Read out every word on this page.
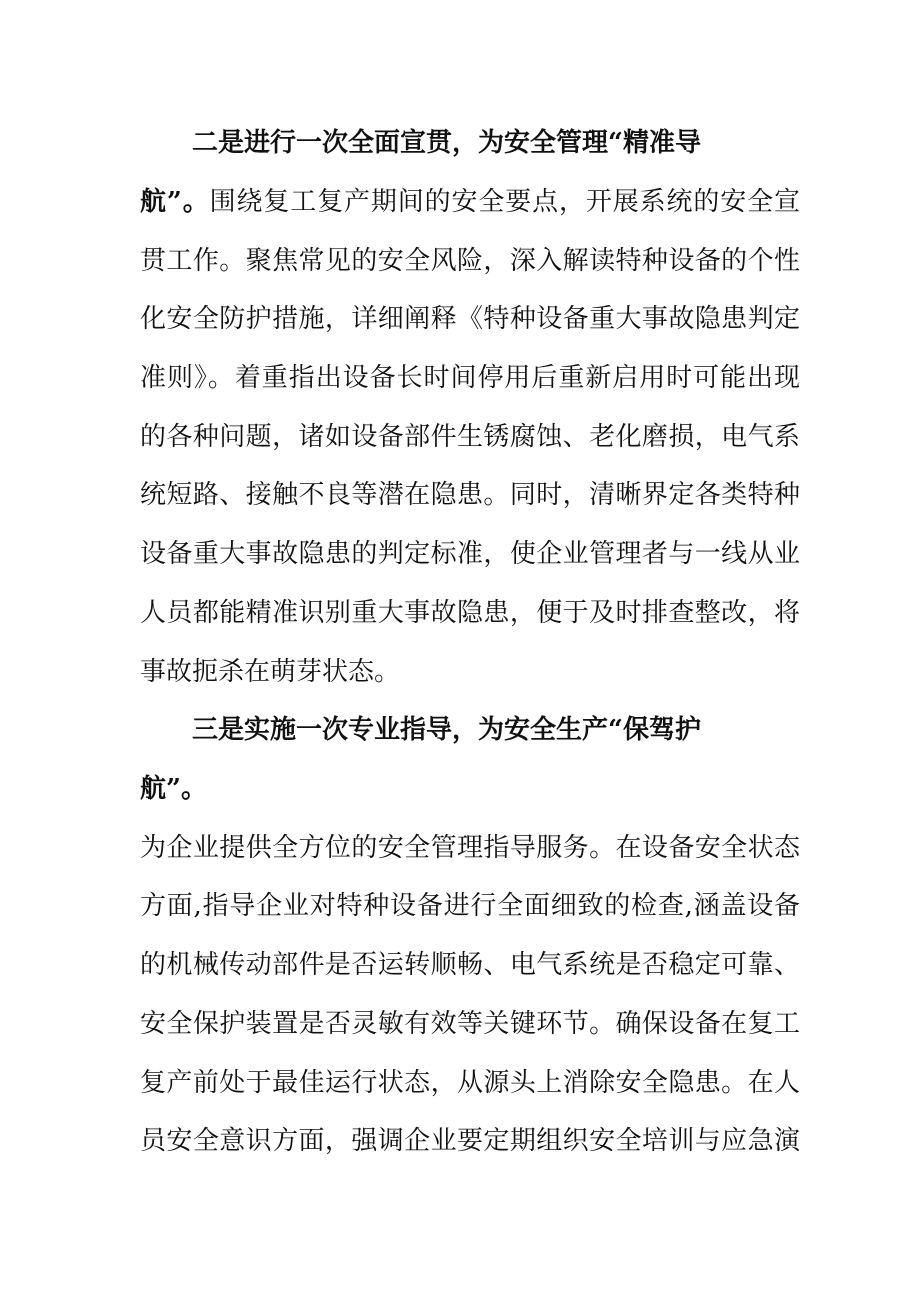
二是进行一次全面宣贯，为安全管理“精准导
航”。围绕复工复产期间的安全要点，开展系统的安全宣
贯工作。聚焦常见的安全风险，深入解读特种设备的个性
化安全防护措施，详细阐释《特种设备重大事故隐患判定
准则》。着重指出设备长时间停用后重新启用时可能出现
的各种问题，诸如设备部件生锈腐蚀、老化磨损，电气系
统短路、接触不良等潜在隐患。同时，清晰界定各类特种
设备重大事故隐患的判定标准，使企业管理者与一线从业
人员都能精准识别重大事故隐患，便于及时排查整改，将
事故扼杀在萌芽状态。
三是实施一次专业指导，为安全生产“保驾护
航”。
为企业提供全方位的安全管理指导服务。在设备安全状态
方面,指导企业对特种设备进行全面细致的检查,涵盖设备
的机械传动部件是否运转顺畅、电气系统是否稳定可靠、
安全保护装置是否灵敏有效等关键环节。确保设备在复工
复产前处于最佳运行状态，从源头上消除安全隐患。在人
员安全意识方面，强调企业要定期组织安全培训与应急演
